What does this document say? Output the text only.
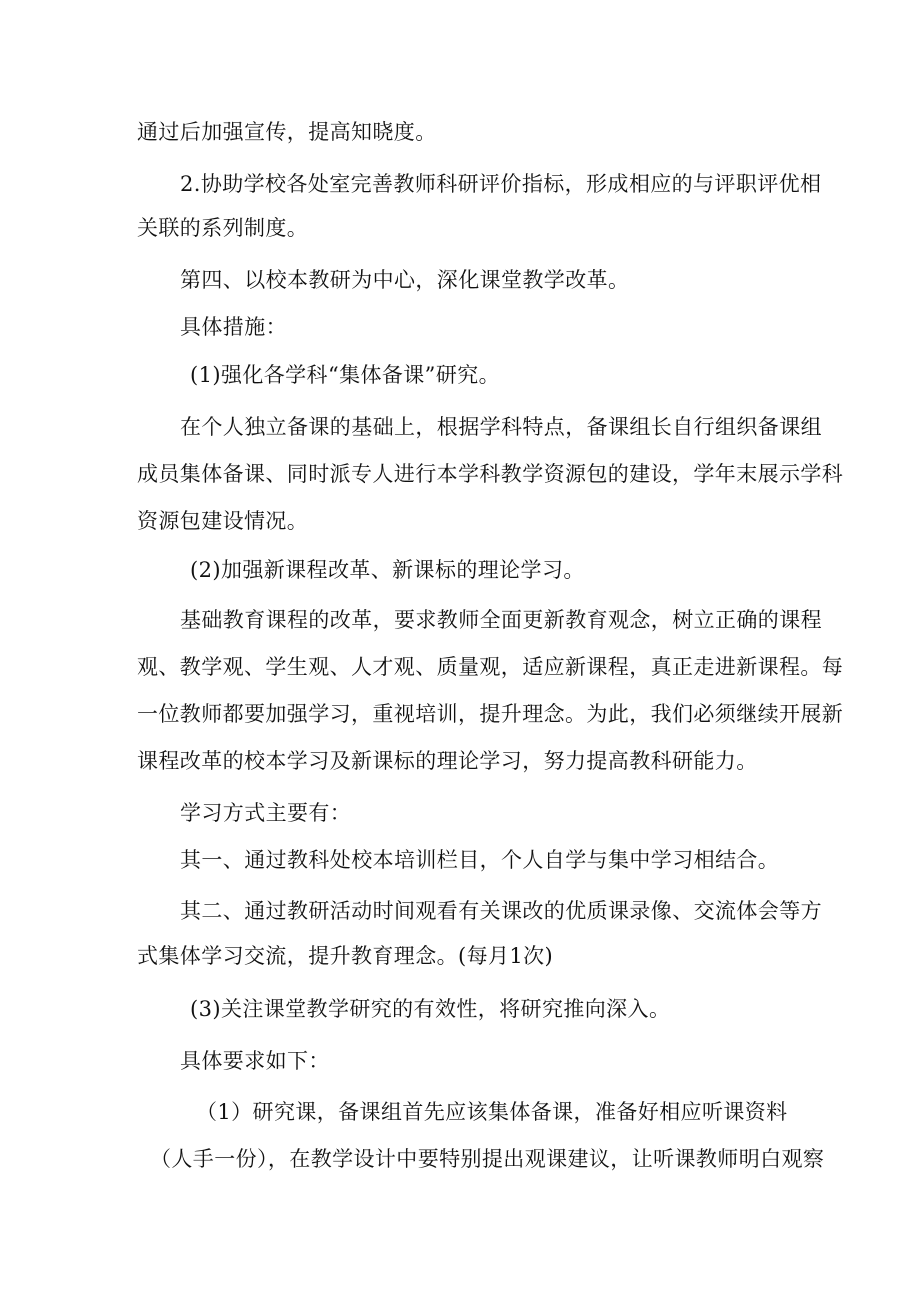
通过后加强宣传，提高知晓度。

2.协助学校各处室完善教师科研评价指标，形成相应的与评职评优相

关联的系列制度。

第四、以校本教研为中心，深化课堂教学改革。

具体措施：

(1)强化各学科“集体备课”研究。

在个人独立备课的基础上，根据学科特点，备课组长自行组织备课组

成员集体备课、同时派专人进行本学科教学资源包的建设，学年末展示学科

资源包建设情况。

(2)加强新课程改革、新课标的理论学习。

基础教育课程的改革，要求教师全面更新教育观念，树立正确的课程

观、教学观、学生观、人才观、质量观，适应新课程，真正走进新课程。每

一位教师都要加强学习，重视培训，提升理念。为此，我们必须继续开展新

课程改革的校本学习及新课标的理论学习，努力提高教科研能力。

学习方式主要有：

其一、通过教科处校本培训栏目，个人自学与集中学习相结合。

其二、通过教研活动时间观看有关课改的优质课录像、交流体会等方

式集体学习交流，提升教育理念。(每月1次)

(3)关注课堂教学研究的有效性，将研究推向深入。

具体要求如下：

（1）研究课，备课组首先应该集体备课，准备好相应听课资料

（人手一份），在教学设计中要特别提出观课建议，让听课教师明白观察
